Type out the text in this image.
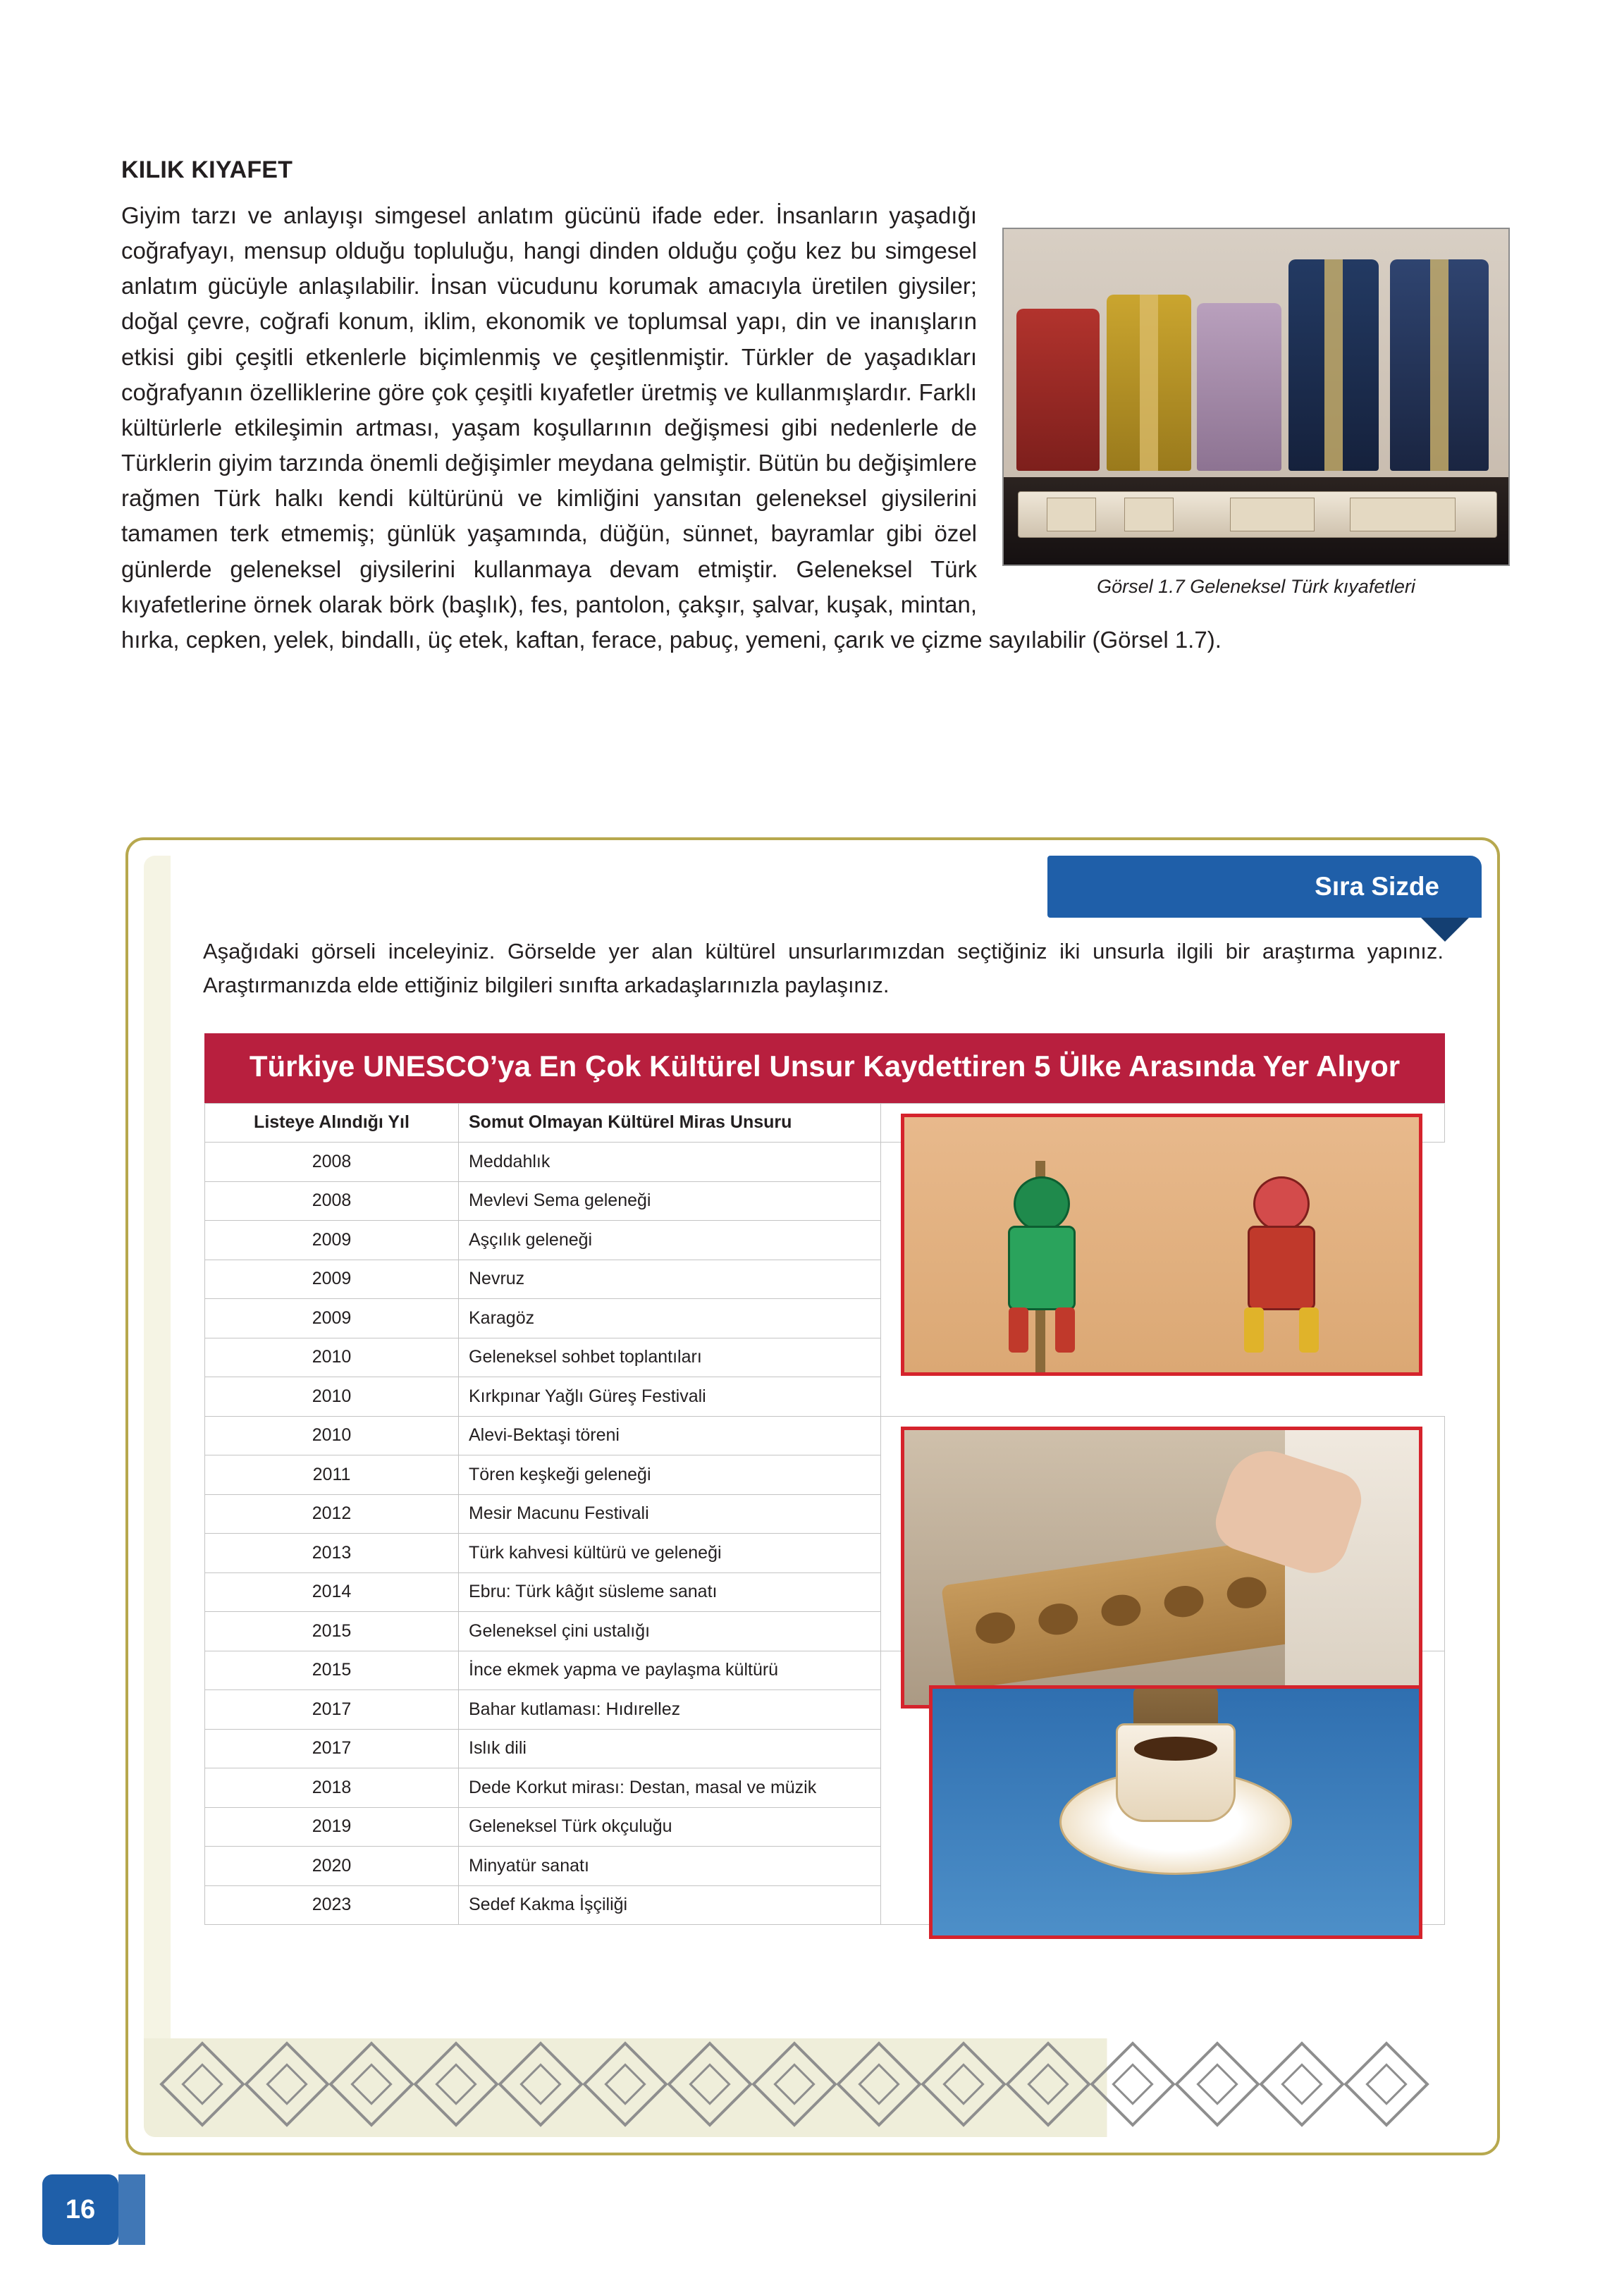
KILIK KIYAFET
Görsel 1.7 Geleneksel Türk kıyafetleri

Giyim tarzı ve anlayışı simgesel anlatım gücünü ifade eder. İnsanların yaşadığı coğrafyayı, mensup olduğu topluluğu, hangi dinden olduğu çoğu kez bu simgesel anlatım gücüyle anlaşılabilir. İnsan vücudunu korumak amacıyla üretilen giysiler; doğal çevre, coğrafi konum, iklim, ekonomik ve toplumsal yapı, din ve inanışların etkisi gibi çeşitli etkenlerle biçimlenmiş ve çeşitlenmiştir. Türkler de yaşadıkları coğrafyanın özelliklerine göre çok çeşitli kıyafetler üretmiş ve kullanmışlardır. Farklı kültürlerle etkileşimin artması, yaşam koşullarının değişmesi gibi nedenlerle de Türklerin giyim tarzında önemli değişimler meydana gelmiştir. Bütün bu değişimlere rağmen Türk halkı kendi kültürünü ve kimliğini yansıtan geleneksel giysilerini tamamen terk etmemiş; günlük yaşamında, düğün, sünnet, bayramlar gibi özel günlerde geleneksel giysilerini kullanmaya devam etmiştir. Geleneksel Türk kıyafetlerine örnek olarak börk (başlık), fes, pantolon, çakşır, şalvar, kuşak, mintan, hırka, cepken, yelek, bindallı, üç etek, kaftan, ferace, pabuç, yemeni, çarık ve çizme sayılabilir (Görsel 1.7).

Sıra Sizde
Aşağıdaki görseli inceleyiniz. Görselde yer alan kültürel unsurlarımızdan seçtiğiniz iki unsurla ilgili bir araştırma yapınız. Araştırmanızda elde ettiğiniz bilgileri sınıfta arkadaşlarınızla paylaşınız.
Türkiye UNESCO’ya En Çok Kültürel Unsur Kaydettiren 5 Ülke Arasında Yer Alıyor
Listeye Alındığı Yıl	Somut Olmayan Kültürel Miras Unsuru	

2008	Meddahlık	
2008	Mevlevi Sema geleneği	
2009	Aşçılık geleneği	
2009	Nevruz	
2009	Karagöz	
2010	Geleneksel sohbet toplantıları	
2010	Kırkpınar Yağlı Güreş Festivali	
2010	Alevi-Bektaşi töreni	

2011	Tören keşkeği geleneği	
2012	Mesir Macunu Festivali	
2013	Türk kahvesi kültürü ve geleneği	
2014	Ebru: Türk kâğıt süsleme sanatı	
2015	Geleneksel çini ustalığı	
2015	İnce ekmek yapma ve paylaşma kültürü	

2017	Bahar kutlaması: Hıdırellez	
2017	Islık dili	
2018	Dede Korkut mirası: Destan, masal ve müzik	
2019	Geleneksel Türk okçuluğu	
2020	Minyatür sanatı	
2023	Sedef Kakma İşçiliği	
16
